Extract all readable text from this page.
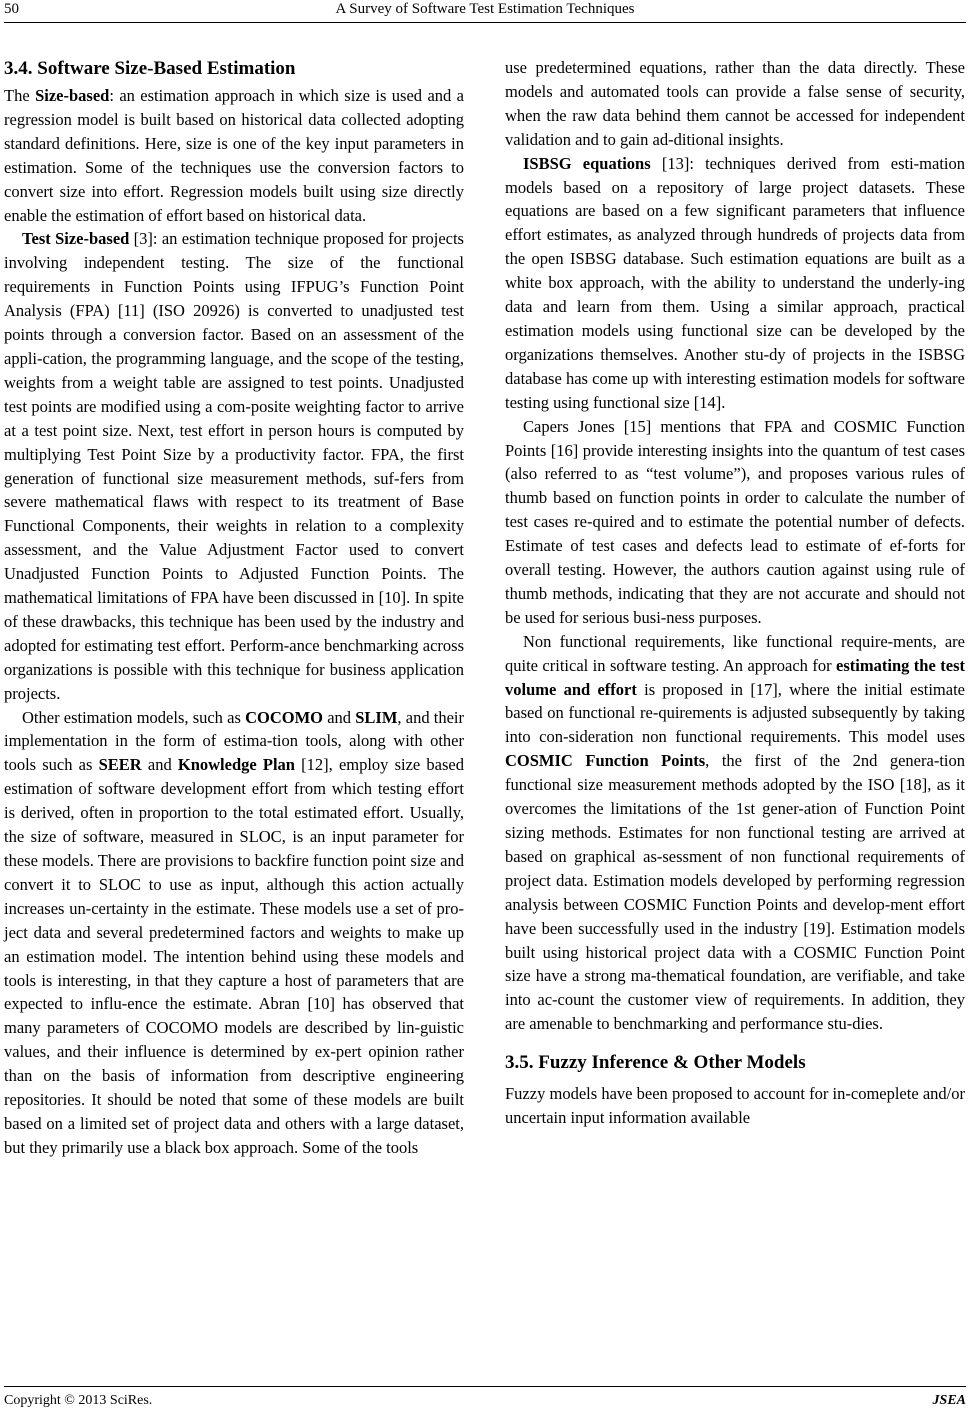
50	A Survey of Software Test Estimation Techniques
3.4. Software Size-Based Estimation

The Size-based: an estimation approach in which size is used and a regression model is built based on historical data collected adopting standard definitions. Here, size is one of the key input parameters in estimation. Some of the techniques use the conversion factors to convert size into effort. Regression models built using size directly enable the estimation of effort based on historical data.

Test Size-based [3]: an estimation technique proposed for projects involving independent testing. The size of the functional requirements in Function Points using IFPUG’s Function Point Analysis (FPA) [11] (ISO 20926) is converted to unadjusted test points through a conversion factor. Based on an assessment of the appli-cation, the programming language, and the scope of the testing, weights from a weight table are assigned to test points. Unadjusted test points are modified using a com-posite weighting factor to arrive at a test point size. Next, test effort in person hours is computed by multiplying Test Point Size by a productivity factor. FPA, the first generation of functional size measurement methods, suf-fers from severe mathematical flaws with respect to its treatment of Base Functional Components, their weights in relation to a complexity assessment, and the Value Adjustment Factor used to convert Unadjusted Function Points to Adjusted Function Points. The mathematical limitations of FPA have been discussed in [10]. In spite of these drawbacks, this technique has been used by the industry and adopted for estimating test effort. Perform-ance benchmarking across organizations is possible with this technique for business application projects.

Other estimation models, such as COCOMO and SLIM, and their implementation in the form of estima-tion tools, along with other tools such as SEER and Knowledge Plan [12], employ size based estimation of software development effort from which testing effort is derived, often in proportion to the total estimated effort. Usually, the size of software, measured in SLOC, is an input parameter for these models. There are provisions to backfire function point size and convert it to SLOC to use as input, although this action actually increases un-certainty in the estimate. These models use a set of pro-ject data and several predetermined factors and weights to make up an estimation model. The intention behind using these models and tools is interesting, in that they capture a host of parameters that are expected to influ-ence the estimate. Abran [10] has observed that many parameters of COCOMO models are described by lin-guistic values, and their influence is determined by ex-pert opinion rather than on the basis of information from descriptive engineering repositories. It should be noted that some of these models are built based on a limited set of project data and others with a large dataset, but they primarily use a black box approach. Some of the tools

use predetermined equations, rather than the data directly. These models and automated tools can provide a false sense of security, when the raw data behind them cannot be accessed for independent validation and to gain ad-ditional insights.

ISBSG equations [13]: techniques derived from esti-mation models based on a repository of large project datasets. These equations are based on a few significant parameters that influence effort estimates, as analyzed through hundreds of projects data from the open ISBSG database. Such estimation equations are built as a white box approach, with the ability to understand the underly-ing data and learn from them. Using a similar approach, practical estimation models using functional size can be developed by the organizations themselves. Another stu-dy of projects in the ISBSG database has come up with interesting estimation models for software testing using functional size [14].

Capers Jones [15] mentions that FPA and COSMIC Function Points [16] provide interesting insights into the quantum of test cases (also referred to as “test volume”), and proposes various rules of thumb based on function points in order to calculate the number of test cases re-quired and to estimate the potential number of defects. Estimate of test cases and defects lead to estimate of ef-forts for overall testing. However, the authors caution against using rule of thumb methods, indicating that they are not accurate and should not be used for serious busi-ness purposes.

Non functional requirements, like functional require-ments, are quite critical in software testing. An approach for estimating the test volume and effort is proposed in [17], where the initial estimate based on functional re-quirements is adjusted subsequently by taking into con-sideration non functional requirements. This model uses COSMIC Function Points, the first of the 2nd genera-tion functional size measurement methods adopted by the ISO [18], as it overcomes the limitations of the 1st gener-ation of Function Point sizing methods. Estimates for non functional testing are arrived at based on graphical as-sessment of non functional requirements of project data. Estimation models developed by performing regression analysis between COSMIC Function Points and develop-ment effort have been successfully used in the industry [19]. Estimation models built using historical project data with a COSMIC Function Point size have a strong ma-thematical foundation, are verifiable, and take into ac-count the customer view of requirements. In addition, they are amenable to benchmarking and performance stu-dies.

3.5. Fuzzy Inference & Other Models

Fuzzy models have been proposed to account for in-comeplete and/or uncertain input information available

Copyright © 2013 SciRes.	JSEA
